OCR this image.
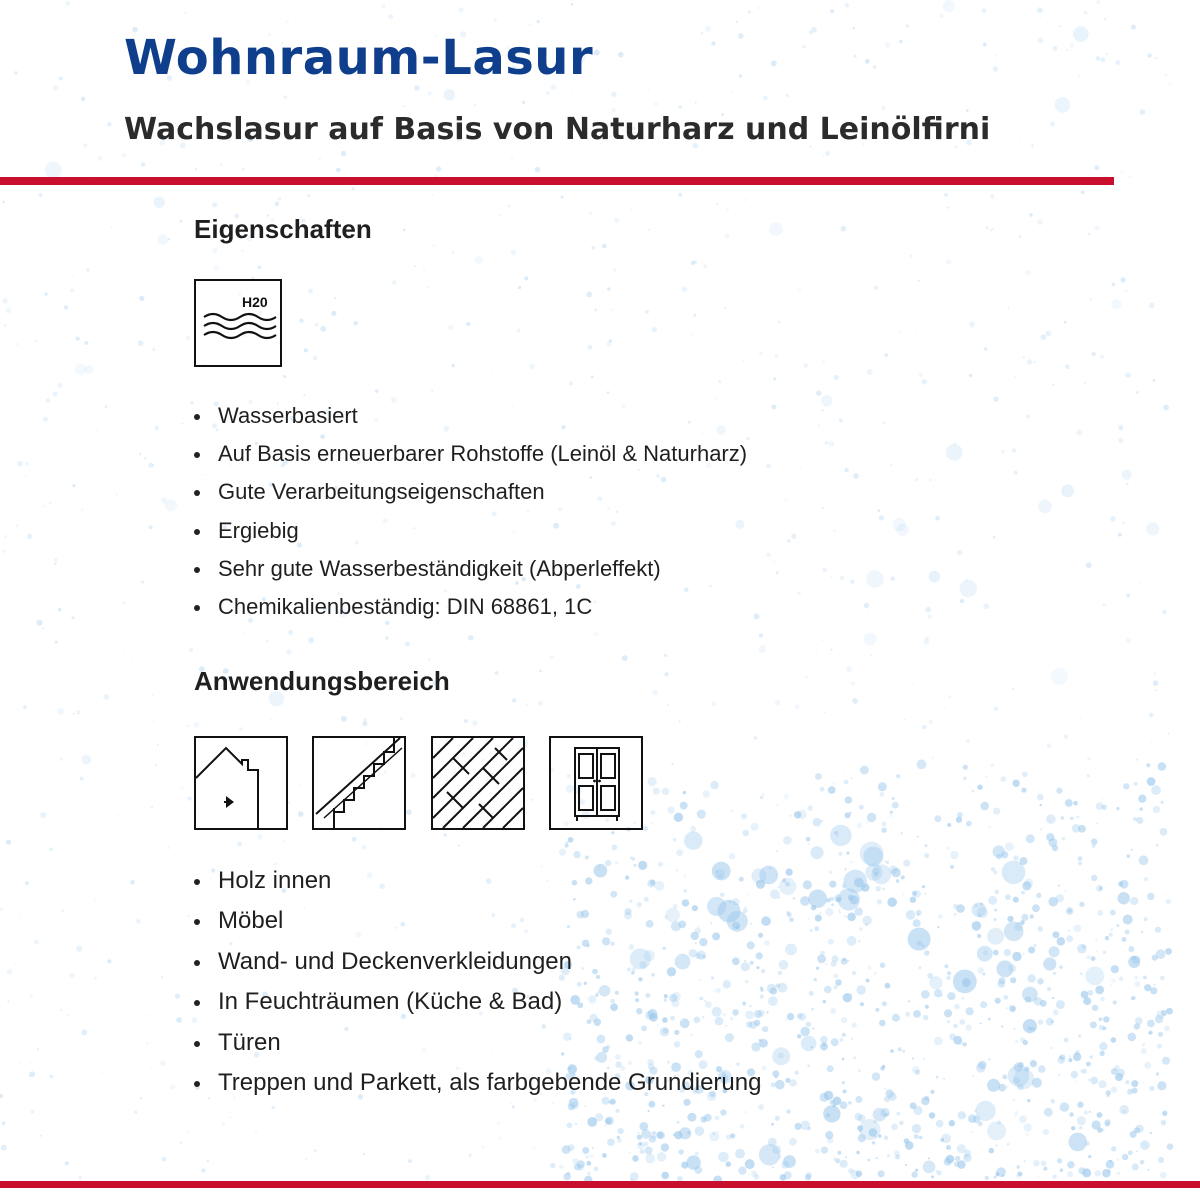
Wohnraum-Lasur
Wachslasur auf Basis von Naturharz und Leinölfirni
Eigenschaften
H20
Wasserbasiert
Auf Basis erneuerbarer Rohstoffe (Leinöl & Naturharz)
Gute Verarbeitungseigenschaften
Ergiebig
Sehr gute Wasserbeständigkeit (Abperleffekt)
Chemikalienbeständig: DIN 68861, 1C
Anwendungsbereich
Holz innen
Möbel
Wand- und Deckenverkleidungen
In Feuchträumen (Küche & Bad)
Türen
Treppen und Parkett, als farbgebende Grundierung
